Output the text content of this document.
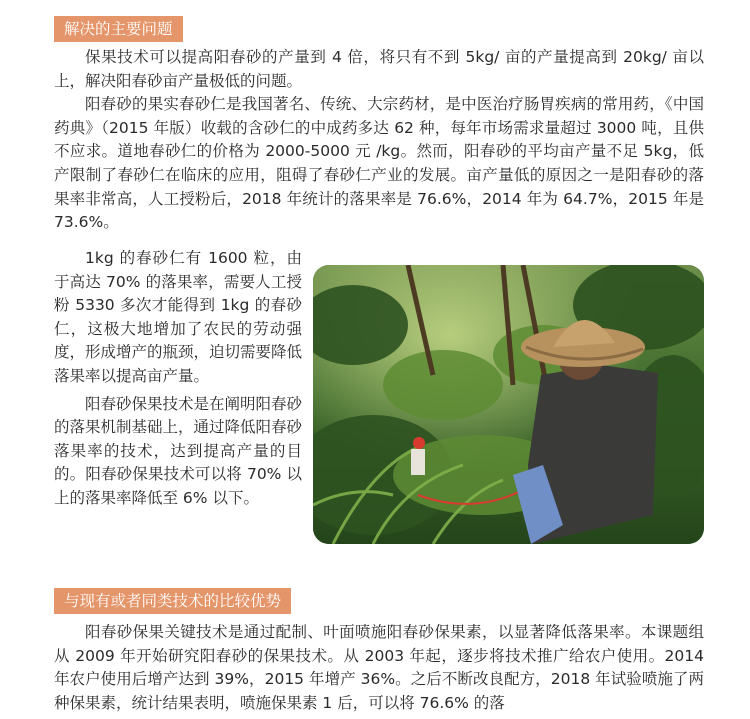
解决的主要问题

保果技术可以提高阳春砂的产量到 4 倍，将只有不到 5kg/ 亩的产量提高到 20kg/ 亩以上，解决阳春砂亩产量极低的问题。

阳春砂的果实春砂仁是我国著名、传统、大宗药材，是中医治疗肠胃疾病的常用药，《中国药典》（2015 年版）收载的含砂仁的中成药多达 62 种，每年市场需求量超过 3000 吨，且供不应求。道地春砂仁的价格为 2000-5000 元 /kg。然而，阳春砂的平均亩产量不足 5kg，低产限制了春砂仁在临床的应用，阻碍了春砂仁产业的发展。亩产量低的原因之一是阳春砂的落果率非常高，人工授粉后，2018 年统计的落果率是 76.6%，2014 年为 64.7%，2015 年是 73.6%。

1kg 的春砂仁有 1600 粒，由于高达 70% 的落果率，需要人工授粉 5330 多次才能得到 1kg 的春砂仁，这极大地增加了农民的劳动强度，形成增产的瓶颈，迫切需要降低落果率以提高亩产量。

阳春砂保果技术是在阐明阳春砂的落果机制基础上，通过降低阳春砂落果率的技术，达到提高产量的目的。阳春砂保果技术可以将 70% 以上的落果率降低至 6% 以下。

与现有或者同类技术的比较优势

阳春砂保果关键技术是通过配制、叶面喷施阳春砂保果素，以显著降低落果率。本课题组从 2009 年开始研究阳春砂的保果技术。从 2003 年起，逐步将技术推广给农户使用。2014 年农户使用后增产达到 39%，2015 年增产 36%。之后不断改良配方，2018 年试验喷施了两种保果素，统计结果表明，喷施保果素 1 后，可以将 76.6% 的落
